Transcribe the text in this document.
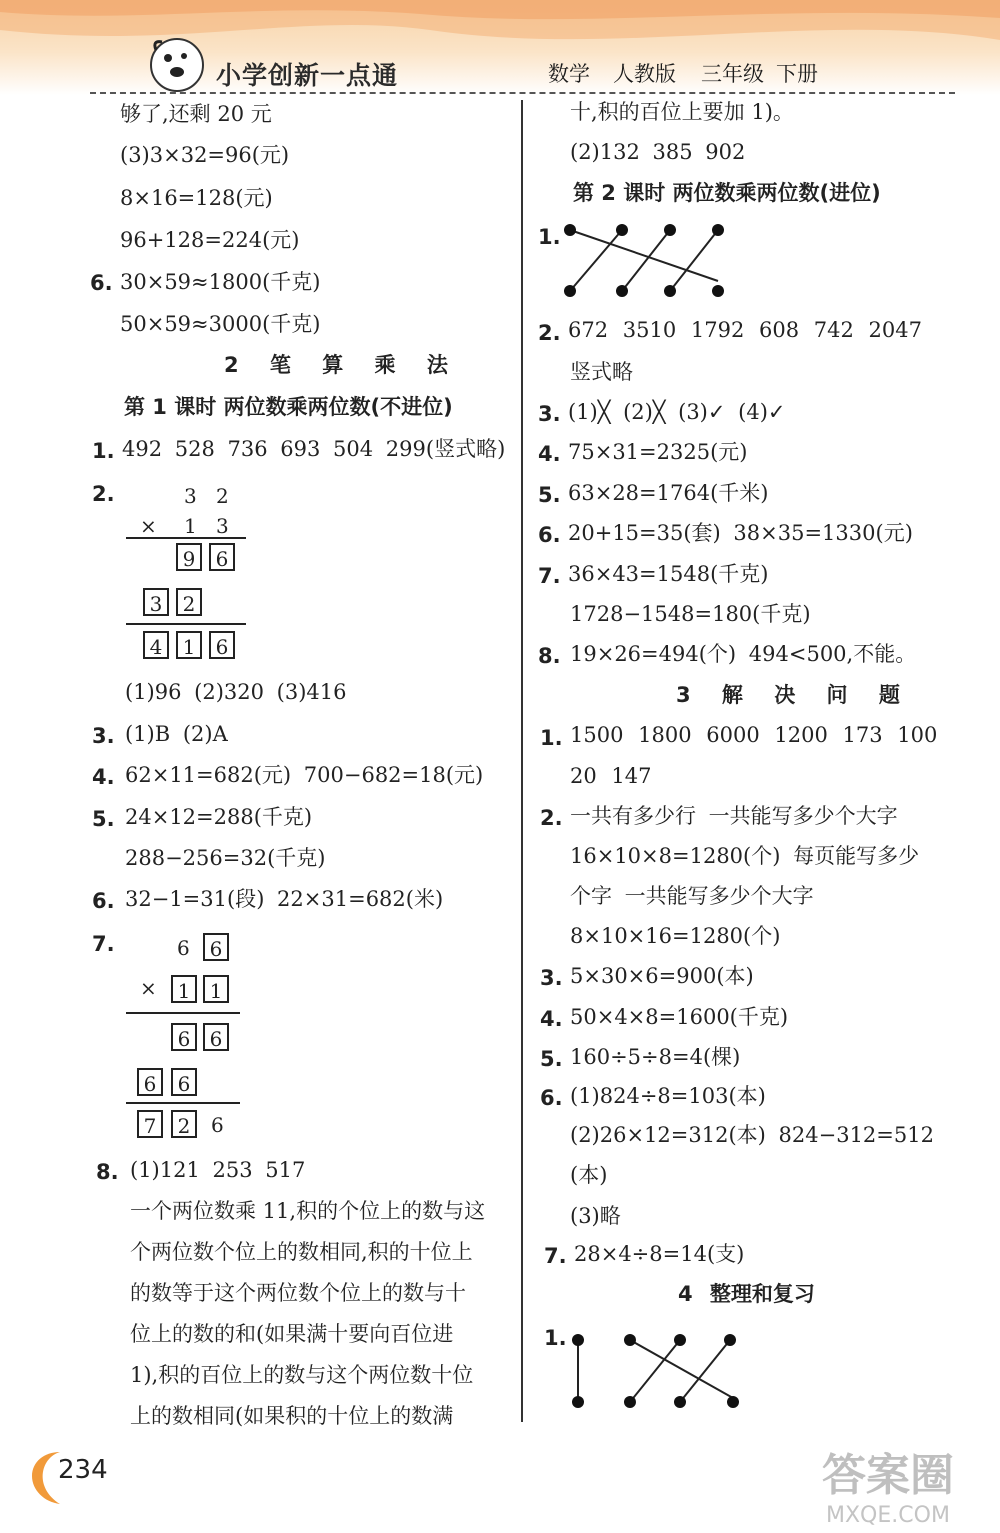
小学创新一点通	数学 人教版 三年级 下册
够了,还剩 20 元
(3)3×32=96(元)
8×16=128(元)
96+128=224(元)
6. 30×59≈1800(千克)
50×59≈3000(千克)
2 笔 算 乘 法
第 1 课时 两位数乘两位数(不进位)
1. 492 528 736 693 504 299(竖式略)
2.	3 2
× 1 3
9	6
3	2
4	1	6
(1)96 (2)320 (3)416
3. (1)B (2)A
4. 62×11=682(元) 700−682=18(元)
5. 24×12=288(千克)
288−256=32(千克)
6. 32−1=31(段) 22×31=682(米)
7.	6 6
×	1 1
6 6
6	6
7	2	6
8. (1)121 253 517
一个两位数乘 11,积的个位上的数与这
个两位数个位上的数相同,积的十位上
的数等于这个两位数个位上的数与十
位上的数的和(如果满十要向百位进
1),积的百位上的数与这个两位数十位
上的数相同(如果积的十位上的数满
十,积的百位上要加 1)。
(2)132 385 902
第 2 课时 两位数乘两位数(进位)
1.
2. 672 3510 1792 608 742 2047
竖式略
3. (1)╳ (2)╳ (3)✓ (4)✓
4. 75×31=2325(元)
5. 63×28=1764(千米)
6. 20+15=35(套) 38×35=1330(元)
7. 36×43=1548(千克)
1728−1548=180(千克)
8. 19×26=494(个) 494<500,不能。
3 解 决 问 题
1. 1500 1800 6000 1200 173 100
20 147
2. 一共有多少行 一共能写多少个大字
16×10×8=1280(个) 每页能写多少
个字 一共能写多少个大字
8×10×16=1280(个)
3. 5×30×6=900(本)
4. 50×4×8=1600(千克)
5. 160÷5÷8=4(棵)
6. (1)824÷8=103(本)
(2)26×12=312(本) 824−312=512
(本)
(3)略
7. 28×4÷8=14(支)
4 整理和复习
1.
234	答案圈
MXQE.COM
